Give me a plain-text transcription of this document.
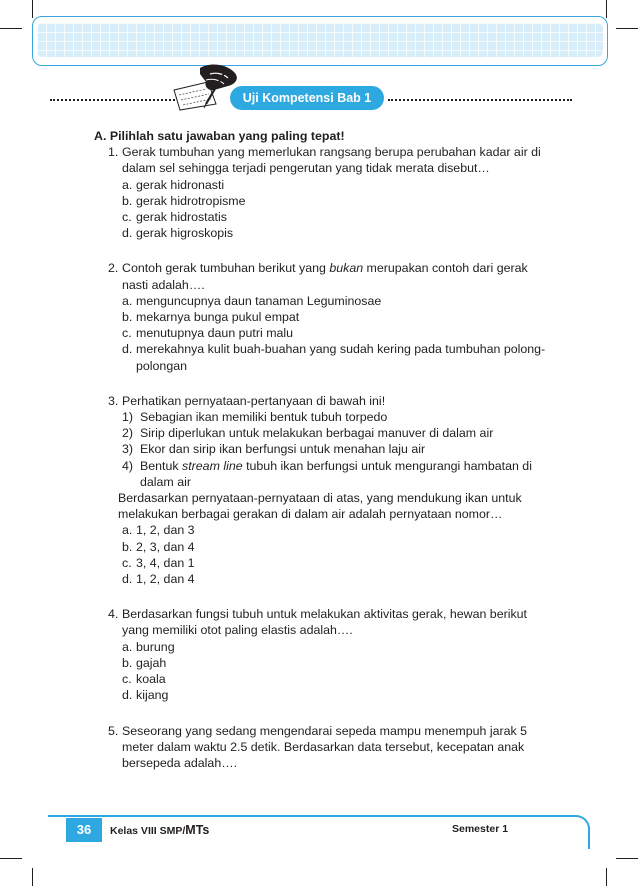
Uji Kompetensi Bab 1
A. Pilihlah satu jawaban yang paling tepat!
1. Gerak tumbuhan yang memerlukan rangsang berupa perubahan kadar air di dalam sel sehingga terjadi pengerutan yang tidak merata disebut…
a. gerak hidronasti
b. gerak hidrotropisme
c. gerak hidrostatis
d. gerak higroskopis
2. Contoh gerak tumbuhan berikut yang bukan merupakan contoh dari gerak nasti adalah….
a. menguncupnya daun tanaman Leguminosae
b. mekarnya bunga pukul empat
c. menutupnya daun putri malu
d. merekahnya kulit buah-buahan yang sudah kering pada tumbuhan polong-polongan
3. Perhatikan pernyataan-pertanyaan di bawah ini!
1) Sebagian ikan memiliki bentuk tubuh torpedo
2) Sirip diperlukan untuk melakukan berbagai manuver di dalam air
3) Ekor dan sirip ikan berfungsi untuk menahan laju air
4) Bentuk stream line tubuh ikan berfungsi untuk mengurangi hambatan di dalam air
Berdasarkan pernyataan-pernyataan di atas, yang mendukung ikan untuk melakukan berbagai gerakan di dalam air adalah pernyataan nomor…
a. 1, 2, dan 3
b. 2, 3, dan 4
c. 3, 4, dan 1
d. 1, 2, dan 4
4. Berdasarkan fungsi tubuh untuk melakukan aktivitas gerak, hewan berikut yang memiliki otot paling elastis adalah….
a. burung
b. gajah
c. koala
d. kijang
5. Seseorang yang sedang mengendarai sepeda mampu menempuh jarak 5 meter dalam waktu 2.5 detik. Berdasarkan data tersebut, kecepatan anak bersepeda adalah….
36	Kelas VIII SMP/MTs	Semester 1
